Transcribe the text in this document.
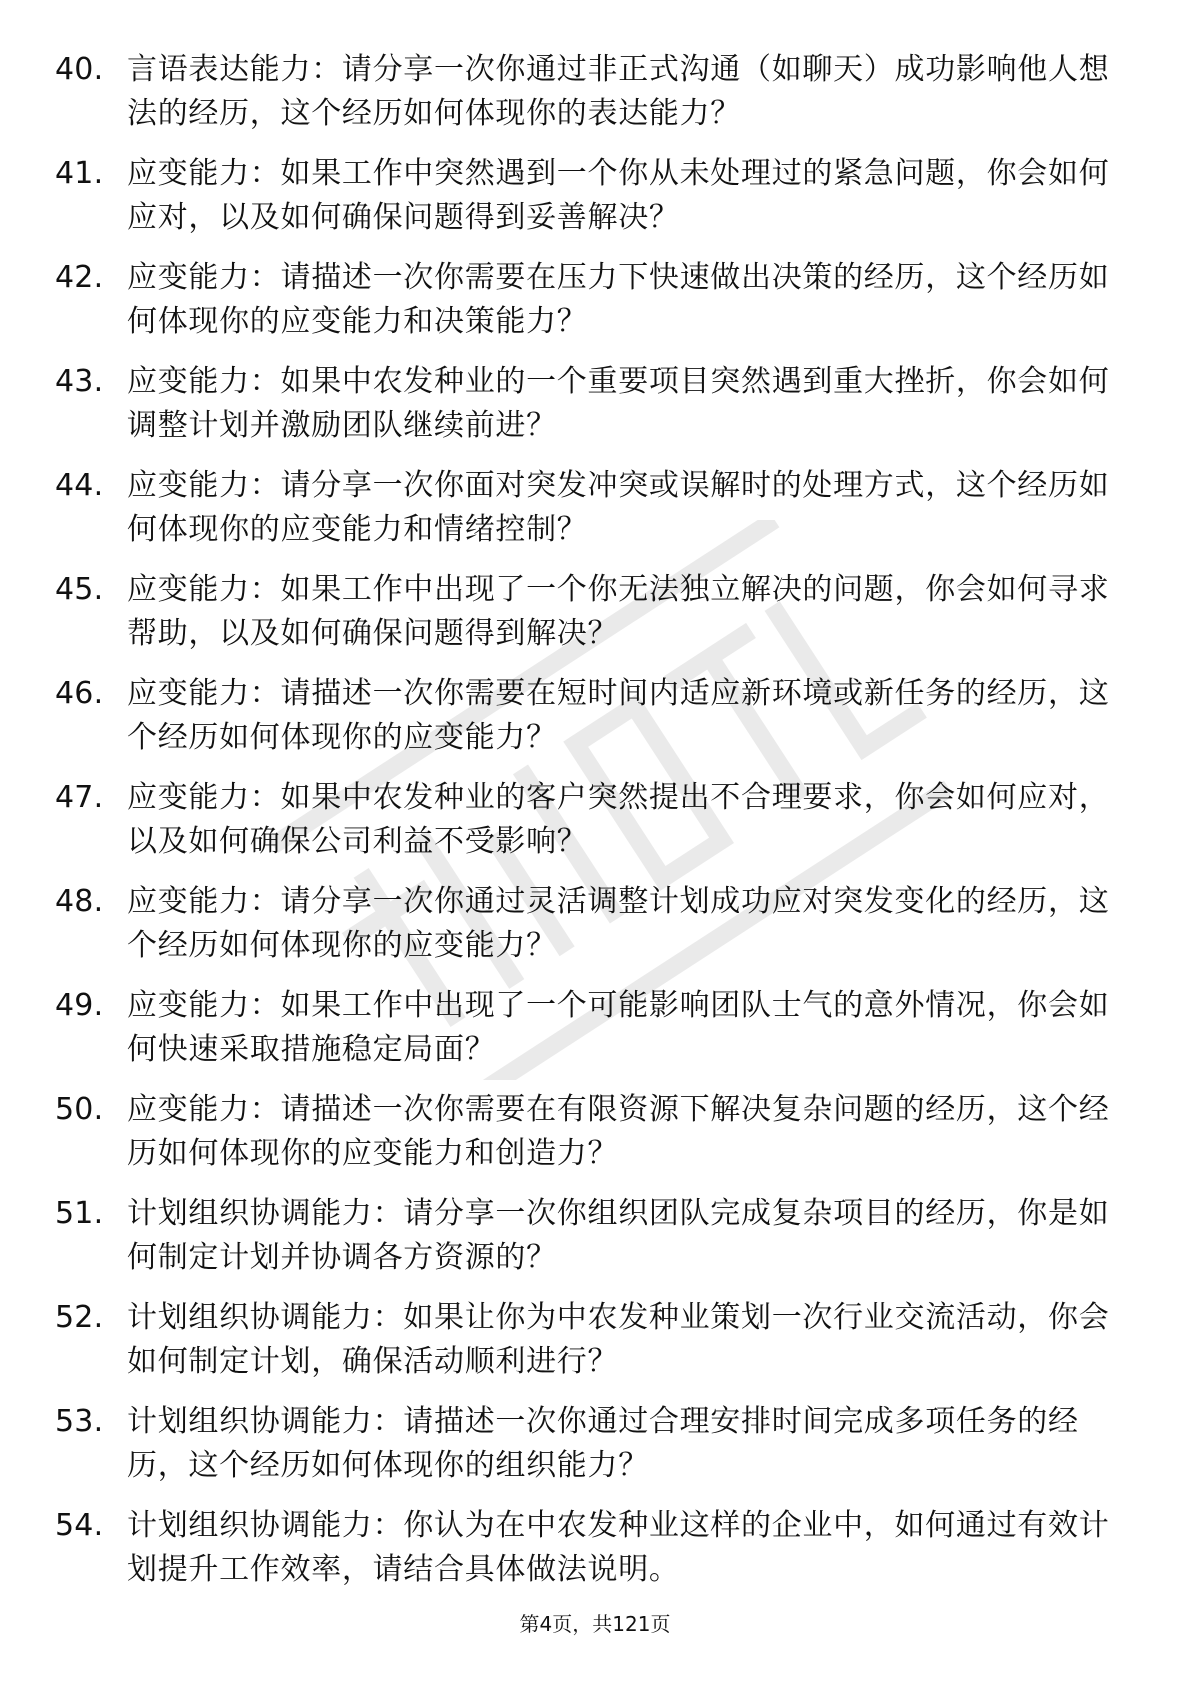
40. 言语表达能力：请分享一次你通过非正式沟通（如聊天）成功影响他人想法的经历，这个经历如何体现你的表达能力？
41. 应变能力：如果工作中突然遇到一个你从未处理过的紧急问题，你会如何应对，以及如何确保问题得到妥善解决？
42. 应变能力：请描述一次你需要在压力下快速做出决策的经历，这个经历如何体现你的应变能力和决策能力？
43. 应变能力：如果中农发种业的一个重要项目突然遇到重大挫折，你会如何调整计划并激励团队继续前进？
44. 应变能力：请分享一次你面对突发冲突或误解时的处理方式，这个经历如何体现你的应变能力和情绪控制？
45. 应变能力：如果工作中出现了一个你无法独立解决的问题，你会如何寻求帮助，以及如何确保问题得到解决？
46. 应变能力：请描述一次你需要在短时间内适应新环境或新任务的经历，这个经历如何体现你的应变能力？
47. 应变能力：如果中农发种业的客户突然提出不合理要求，你会如何应对，以及如何确保公司利益不受影响？
48. 应变能力：请分享一次你通过灵活调整计划成功应对突发变化的经历，这个经历如何体现你的应变能力？
49. 应变能力：如果工作中出现了一个可能影响团队士气的意外情况，你会如何快速采取措施稳定局面？
50. 应变能力：请描述一次你需要在有限资源下解决复杂问题的经历，这个经历如何体现你的应变能力和创造力？
51. 计划组织协调能力：请分享一次你组织团队完成复杂项目的经历，你是如何制定计划并协调各方资源的？
52. 计划组织协调能力：如果让你为中农发种业策划一次行业交流活动，你会如何制定计划，确保活动顺利进行？
53. 计划组织协调能力：请描述一次你通过合理安排时间完成多项任务的经历，这个经历如何体现你的组织能力？
54. 计划组织协调能力：你认为在中农发种业这样的企业中，如何通过有效计划提升工作效率，请结合具体做法说明。
第4页，共121页
